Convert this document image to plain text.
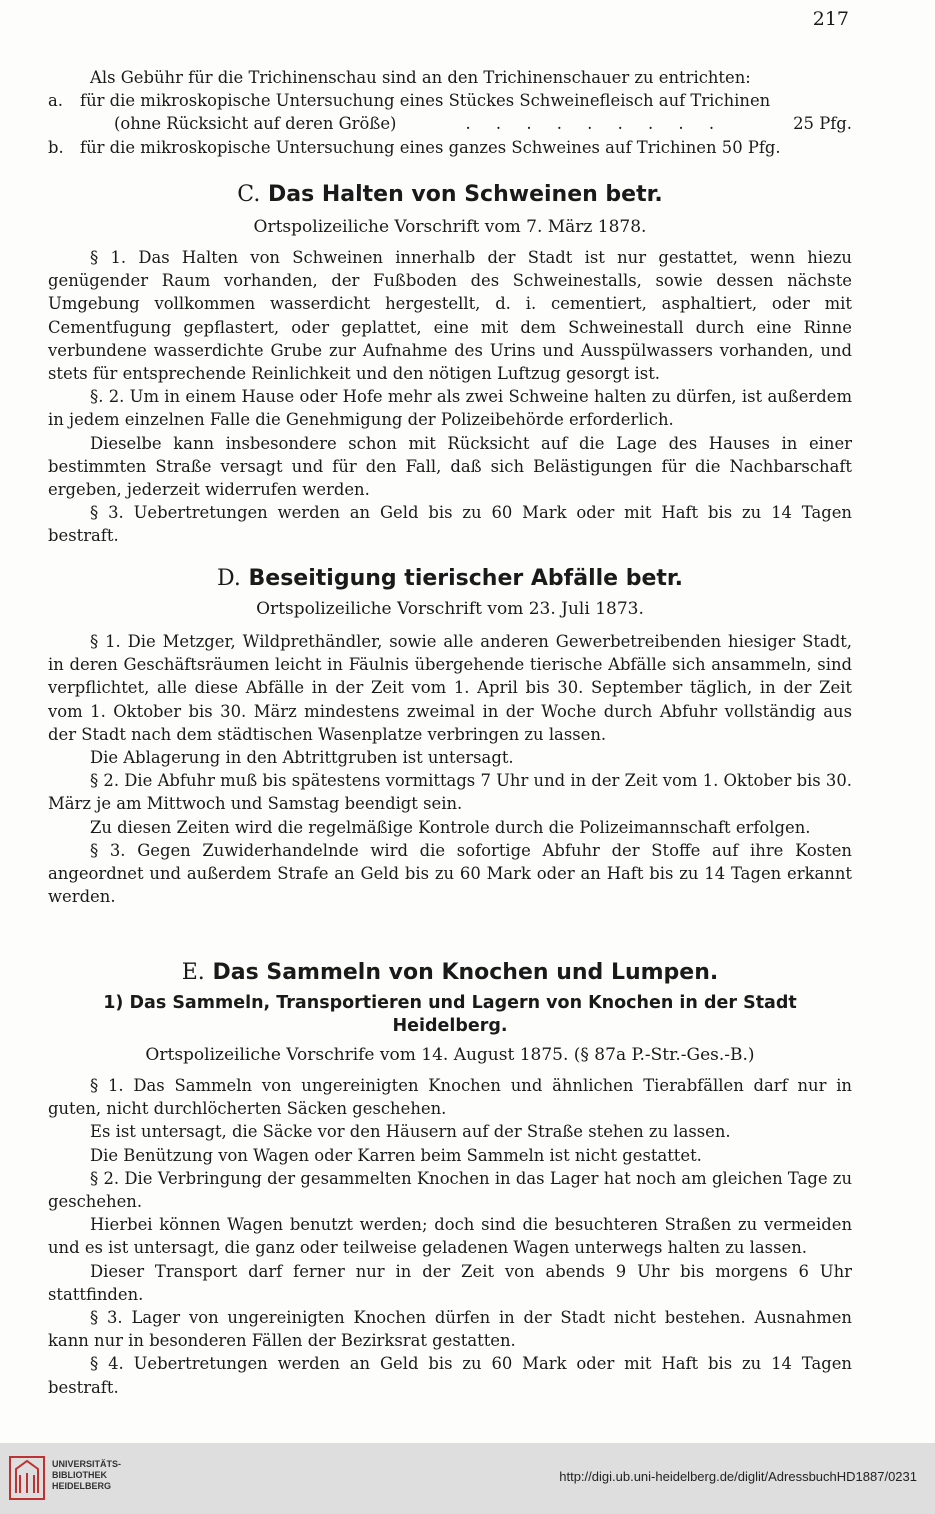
217
Als Gebühr für die Trichinenschau sind an den Trichinenschauer zu entrichten:
a.	für die mikroskopische Untersuchung eines Stückes Schweinefleisch auf Trichinen
(ohne Rücksicht auf deren Größe)	. . . . . . . . .	25 Pfg.
b. für die mikroskopische Untersuchung eines ganzes Schweines auf Trichinen 50 Pfg.
C. Das Halten von Schweinen betr.
Ortspolizeiliche Vorschrift vom 7. März 1878.
§ 1. Das Halten von Schweinen innerhalb der Stadt ist nur gestattet, wenn hiezu genügender Raum vorhanden, der Fußboden des Schweinestalls, sowie dessen nächste Umgebung vollkommen wasserdicht hergestellt, d. i. cementiert, asphaltiert, oder mit Cementfugung gepflastert, oder geplattet, eine mit dem Schweinestall durch eine Rinne verbundene wasserdichte Grube zur Aufnahme des Urins und Ausspülwassers vorhanden, und stets für entsprechende Reinlichkeit und den nötigen Luftzug gesorgt ist.
§. 2. Um in einem Hause oder Hofe mehr als zwei Schweine halten zu dürfen, ist außerdem in jedem einzelnen Falle die Genehmigung der Polizeibehörde erforderlich.
Dieselbe kann insbesondere schon mit Rücksicht auf die Lage des Hauses in einer bestimmten Straße versagt und für den Fall, daß sich Belästigungen für die Nachbarschaft ergeben, jederzeit widerrufen werden.
§ 3. Uebertretungen werden an Geld bis zu 60 Mark oder mit Haft bis zu 14 Tagen bestraft.
D. Beseitigung tierischer Abfälle betr.
Ortspolizeiliche Vorschrift vom 23. Juli 1873.
§ 1. Die Metzger, Wildprethändler, sowie alle anderen Gewerbetreibenden hiesiger Stadt, in deren Geschäftsräumen leicht in Fäulnis übergehende tierische Abfälle sich ansammeln, sind verpflichtet, alle diese Abfälle in der Zeit vom 1. April bis 30. September täglich, in der Zeit vom 1. Oktober bis 30. März mindestens zweimal in der Woche durch Abfuhr vollständig aus der Stadt nach dem städtischen Wasenplatze verbringen zu lassen.
Die Ablagerung in den Abtrittgruben ist untersagt.
§ 2. Die Abfuhr muß bis spätestens vormittags 7 Uhr und in der Zeit vom 1. Oktober bis 30. März je am Mittwoch und Samstag beendigt sein.
Zu diesen Zeiten wird die regelmäßige Kontrole durch die Polizeimannschaft erfolgen.
§ 3. Gegen Zuwiderhandelnde wird die sofortige Abfuhr der Stoffe auf ihre Kosten angeordnet und außerdem Strafe an Geld bis zu 60 Mark oder an Haft bis zu 14 Tagen erkannt werden.
E. Das Sammeln von Knochen und Lumpen.
1) Das Sammeln, Transportieren und Lagern von Knochen in der Stadt Heidelberg.
Ortspolizeiliche Vorschrife vom 14. August 1875. (§ 87a P.-Str.-Ges.-B.)
§ 1. Das Sammeln von ungereinigten Knochen und ähnlichen Tierabfällen darf nur in guten, nicht durchlöcherten Säcken geschehen.
Es ist untersagt, die Säcke vor den Häusern auf der Straße stehen zu lassen.
Die Benützung von Wagen oder Karren beim Sammeln ist nicht gestattet.
§ 2. Die Verbringung der gesammelten Knochen in das Lager hat noch am gleichen Tage zu geschehen.
Hierbei können Wagen benutzt werden; doch sind die besuchteren Straßen zu vermeiden und es ist untersagt, die ganz oder teilweise geladenen Wagen unterwegs halten zu lassen.
Dieser Transport darf ferner nur in der Zeit von abends 9 Uhr bis morgens 6 Uhr stattfinden.
§ 3. Lager von ungereinigten Knochen dürfen in der Stadt nicht bestehen. Ausnahmen kann nur in besonderen Fällen der Bezirksrat gestatten.
§ 4. Uebertretungen werden an Geld bis zu 60 Mark oder mit Haft bis zu 14 Tagen bestraft.
UNIVERSITÄTS-
BIBLIOTHEK
HEIDELBERG
http://digi.ub.uni-heidelberg.de/diglit/AdressbuchHD1887/0231
